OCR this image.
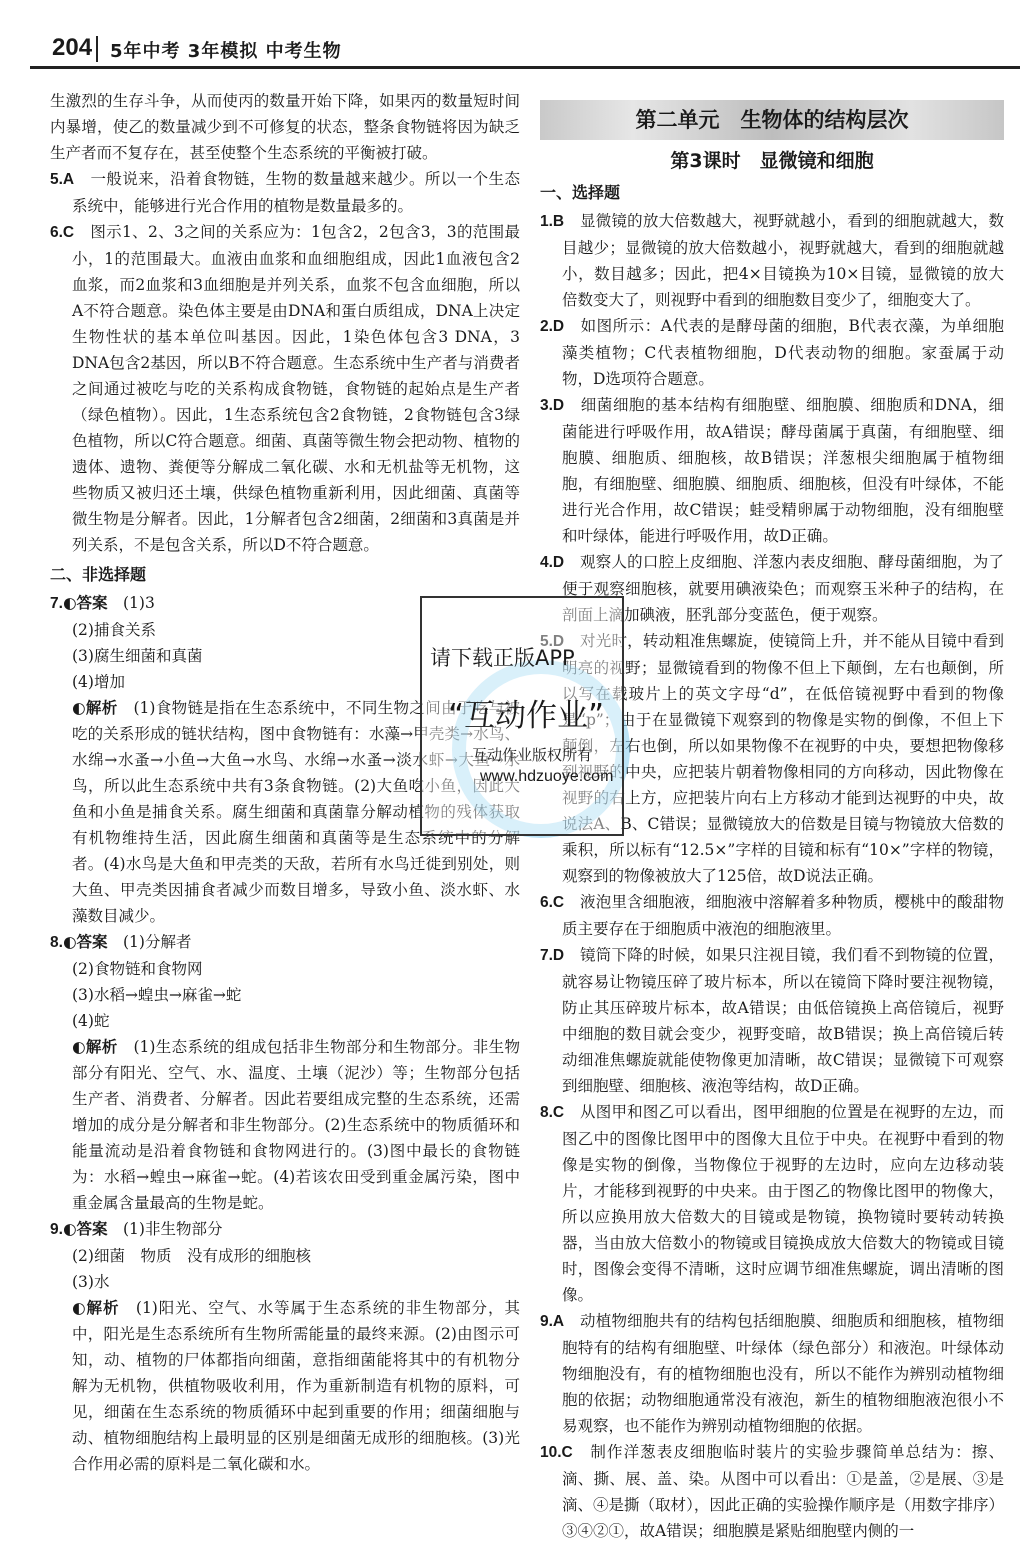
204 5年中考 3年模拟 中考生物

生激烈的生存斗争，从而使丙的数量开始下降，如果丙的数量短时间内暴增，使乙的数量减少到不可修复的状态，整条食物链将因为缺乏生产者而不复存在，甚至使整个生态系统的平衡被打破。

5.A　 一般说来，沿着食物链，生物的数量越来越少。所以一个生态系统中，能够进行光合作用的植物是数量最多的。

6.C　 图示1、2、3之间的关系应为：1包含2，2包含3，3的范围最小，1的范围最大。血液由血浆和血细胞组成，因此1血液包含2血浆，而2血浆和3血细胞是并列关系，血浆不包含血细胞，所以A不符合题意。染色体主要是由DNA和蛋白质组成，DNA上决定生物性状的基本单位叫基因。因此，1染色体包含3 DNA，3 DNA包含2基因，所以B不符合题意。生态系统中生产者与消费者之间通过被吃与吃的关系构成食物链，食物链的起始点是生产者（绿色植物）。因此，1生态系统包含2食物链，2食物链包含3绿色植物，所以C符合题意。细菌、真菌等微生物会把动物、植物的遗体、遗物、粪便等分解成二氧化碳、水和无机盐等无机物，这些物质又被归还土壤，供绿色植物重新利用，因此细菌、真菌等微生物是分解者。因此，1分解者包含2细菌，2细菌和3真菌是并列关系，不是包含关系，所以D不符合题意。

二、非选择题

7.◐答案　 (1)3

(2)捕食关系

(3)腐生细菌和真菌

(4)增加

◐解析　 (1)食物链是指在生态系统中，不同生物之间由于吃与被吃的关系形成的链状结构，图中食物链有：水藻→甲壳类→水鸟、水绵→水蚤→小鱼→大鱼→水鸟、水绵→水蚤→淡水虾→大鱼→水鸟，所以此生态系统中共有3条食物链。(2)大鱼吃小鱼，因此大鱼和小鱼是捕食关系。腐生细菌和真菌靠分解动植物的残体获取有机物维持生活，因此腐生细菌和真菌等是生态系统中的分解者。(4)水鸟是大鱼和甲壳类的天敌，若所有水鸟迁徙到别处，则大鱼、甲壳类因捕食者减少而数目增多，导致小鱼、淡水虾、水藻数目减少。

8.◐答案　 (1)分解者

(2)食物链和食物网

(3)水稻→蝗虫→麻雀→蛇

(4)蛇

◐解析　 (1)生态系统的组成包括非生物部分和生物部分。非生物部分有阳光、空气、水、温度、土壤（泥沙）等；生物部分包括生产者、消费者、分解者。因此若要组成完整的生态系统，还需增加的成分是分解者和非生物部分。(2)生态系统中的物质循环和能量流动是沿着食物链和食物网进行的。(3)图中最长的食物链为：水稻→蝗虫→麻雀→蛇。(4)若该农田受到重金属污染，图中重金属含量最高的生物是蛇。

9.◐答案　 (1)非生物部分

(2)细菌　物质　没有成形的细胞核

(3)水

◐解析　 (1)阳光、空气、水等属于生态系统的非生物部分，其中，阳光是生态系统所有生物所需能量的最终来源。(2)由图示可知，动、植物的尸体都指向细菌，意指细菌能将其中的有机物分解为无机物，供植物吸收利用，作为重新制造有机物的原料，可见，细菌在生态系统的物质循环中起到重要的作用；细菌细胞与动、植物细胞结构上最明显的区别是细菌无成形的细胞核。(3)光合作用必需的原料是二氧化碳和水。

第二单元　生物体的结构层次
第3课时　显微镜和细胞
一、选择题

1.B　 显微镜的放大倍数越大，视野就越小，看到的细胞就越大，数目越少；显微镜的放大倍数越小，视野就越大，看到的细胞就越小，数目越多；因此，把4×目镜换为10×目镜，显微镜的放大倍数变大了，则视野中看到的细胞数目变少了，细胞变大了。

2.D　 如图所示：A代表的是酵母菌的细胞，B代表衣藻，为单细胞藻类植物；C代表植物细胞，D代表动物的细胞。家蚕属于动物，D选项符合题意。

3.D　 细菌细胞的基本结构有细胞壁、细胞膜、细胞质和DNA，细菌能进行呼吸作用，故A错误；酵母菌属于真菌，有细胞壁、细胞膜、细胞质、细胞核，故B错误；洋葱根尖细胞属于植物细胞，有细胞壁、细胞膜、细胞质、细胞核，但没有叶绿体，不能进行光合作用，故C错误；蛙受精卵属于动物细胞，没有细胞壁和叶绿体，能进行呼吸作用，故D正确。

4.D　 观察人的口腔上皮细胞、洋葱内表皮细胞、酵母菌细胞，为了便于观察细胞核，就要用碘液染色；而观察玉米种子的结构，在剖面上滴加碘液，胚乳部分变蓝色，便于观察。

5.D　 对光时，转动粗准焦螺旋，使镜筒上升，并不能从目镜中看到明亮的视野；显微镜看到的物像不但上下颠倒，左右也颠倒，所以写在载玻片上的英文字母“d”，在低倍镜视野中看到的物像是“p”；由于在显微镜下观察到的物像是实物的倒像，不但上下颠倒，左右也倒，所以如果物像不在视野的中央，要想把物像移到视野的中央，应把装片朝着物像相同的方向移动，因此物像在视野的右上方，应把装片向右上方移动才能到达视野的中央，故说法A、B、C错误；显微镜放大的倍数是目镜与物镜放大倍数的乘积，所以标有“12.5×”字样的目镜和标有“10×”字样的物镜，观察到的物像被放大了125倍，故D说法正确。

6.C　 液泡里含细胞液，细胞液中溶解着多种物质，樱桃中的酸甜物质主要存在于细胞质中液泡的细胞液里。

7.D　 镜筒下降的时候，如果只注视目镜，我们看不到物镜的位置，就容易让物镜压碎了玻片标本，所以在镜筒下降时要注视物镜，防止其压碎玻片标本，故A错误；由低倍镜换上高倍镜后，视野中细胞的数目就会变少，视野变暗，故B错误；换上高倍镜后转动细准焦螺旋就能使物像更加清晰，故C错误；显微镜下可观察到细胞壁、细胞核、液泡等结构，故D正确。

8.C　 从图甲和图乙可以看出，图甲细胞的位置是在视野的左边，而图乙中的图像比图甲中的图像大且位于中央。在视野中看到的物像是实物的倒像，当物像位于视野的左边时，应向左边移动装片，才能移到视野的中央来。由于图乙的物像比图甲的物像大，所以应换用放大倍数大的目镜或是物镜，换物镜时要转动转换器，当由放大倍数小的物镜或目镜换成放大倍数大的物镜或目镜时，图像会变得不清晰，这时应调节细准焦螺旋，调出清晰的图像。

9.A　 动植物细胞共有的结构包括细胞膜、细胞质和细胞核，植物细胞特有的结构有细胞壁、叶绿体（绿色部分）和液泡。叶绿体动物细胞没有，有的植物细胞也没有，所以不能作为辨别动植物细胞的依据；动物细胞通常没有液泡，新生的植物细胞液泡很小不易观察，也不能作为辨别动植物细胞的依据。

10.C　 制作洋葱表皮细胞临时装片的实验步骤简单总结为：擦、滴、撕、展、盖、染。从图中可以看出：①是盖，②是展、③是滴、④是撕（取材），因此正确的实验操作顺序是（用数字排序）③④②①，故A错误；细胞膜是紧贴细胞壁内侧的一

请下载正版APP
“互动作业”
互动作业版权所有
www.hdzuoye.com
